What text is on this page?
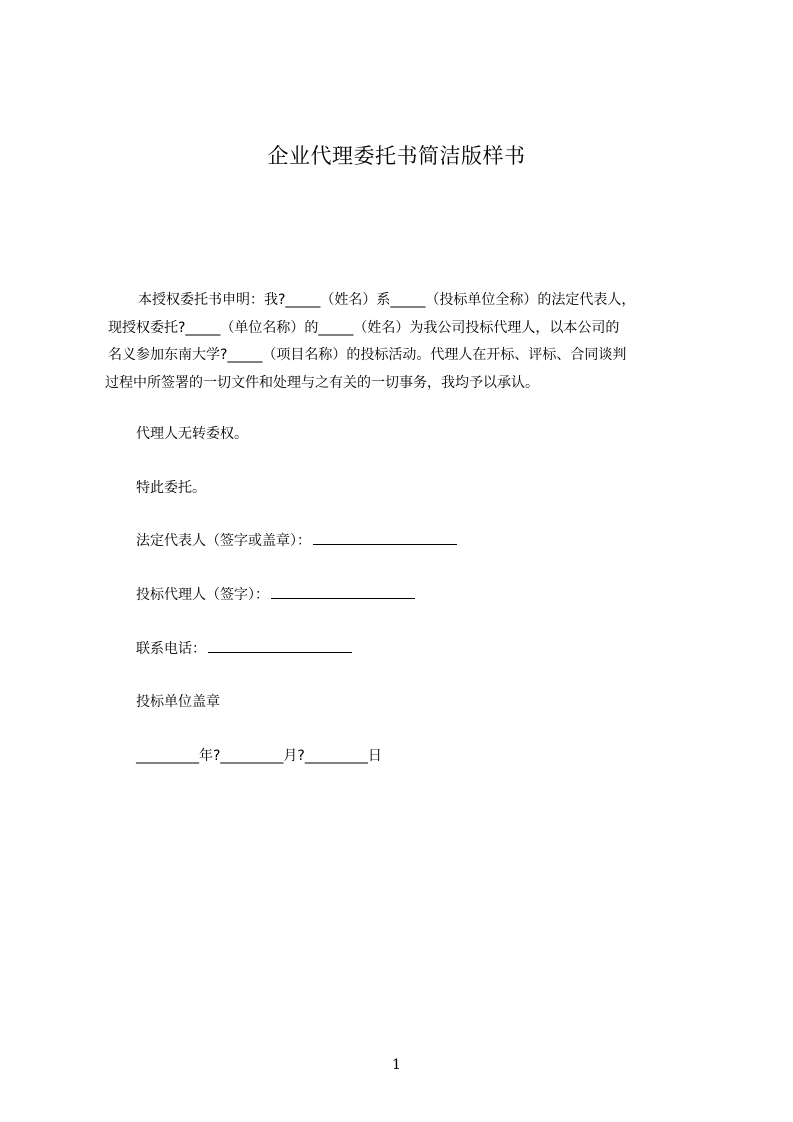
企业代理委托书简洁版样书
本授权委托书申明：我?_____（姓名）系_____（投标单位全称）的法定代表人，
现授权委托?_____（单位名称）的_____（姓名）为我公司投标代理人，以本公司的
名义参加东南大学?_____（项目名称）的投标活动。代理人在开标、评标、合同谈判
过程中所签署的一切文件和处理与之有关的一切事务，我均予以承认。
代理人无转委权。
特此委托。
法定代表人（签字或盖章）：
投标代理人（签字）：
联系电话：
投标单位盖章
_________年?_________月?_________日
1
